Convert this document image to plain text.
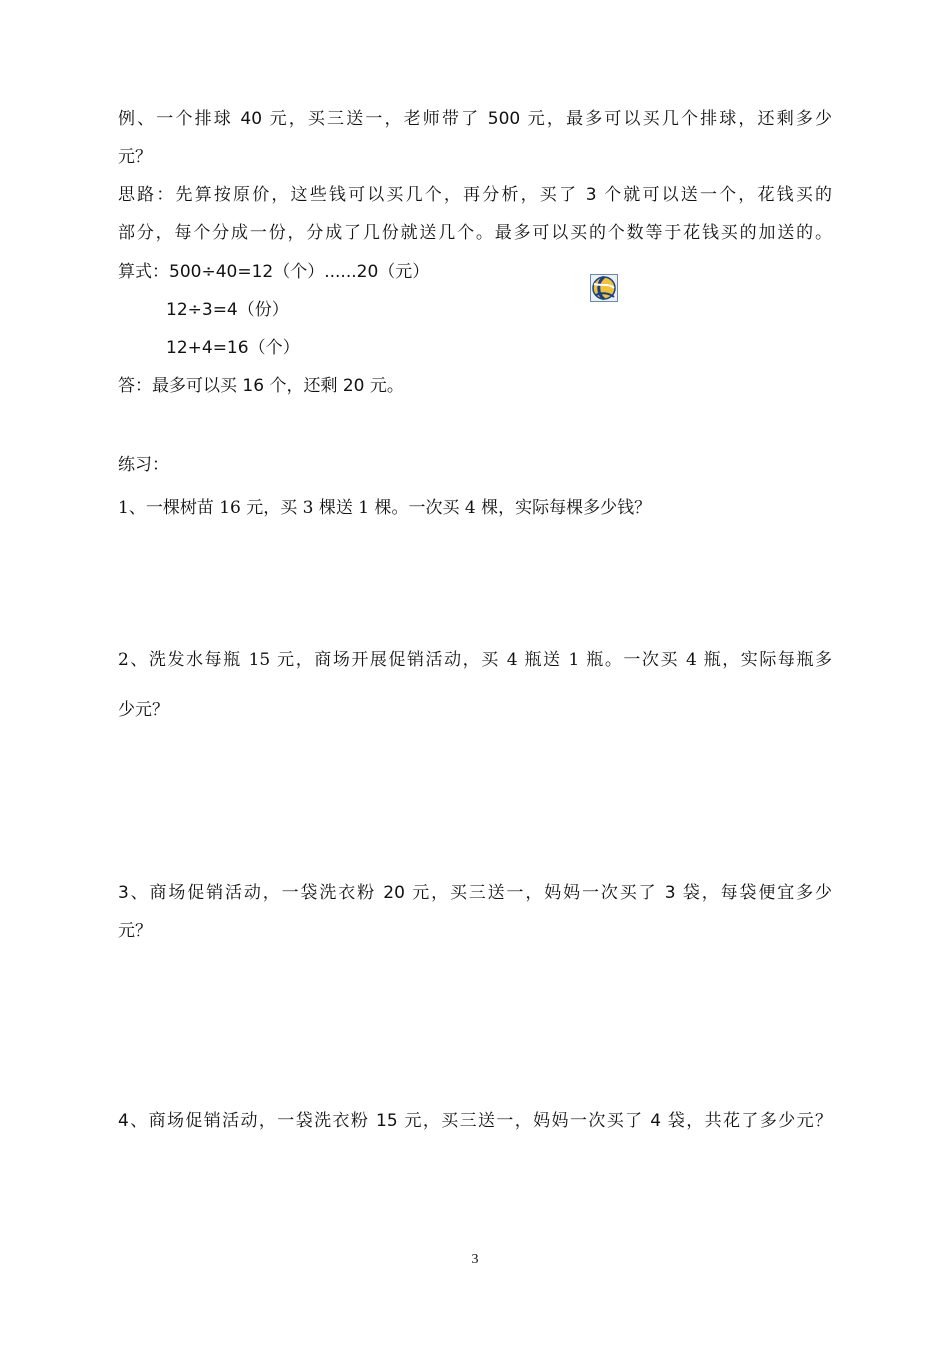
例、一个排球 40 元，买三送一，老师带了 500 元，最多可以买几个排球，还剩多少
元？
思路：先算按原价，这些钱可以买几个，再分析，买了 3 个就可以送一个，花钱买的
部分，每个分成一份，分成了几份就送几个。最多可以买的个数等于花钱买的加送的。
算式：500÷40=12（个）......20（元）
12÷3=4（份）
12+4=16（个）
答：最多可以买 16 个，还剩 20 元。
练习：
1、一棵树苗 16 元，买 3 棵送 1 棵。一次买 4 棵，实际每棵多少钱？
2、洗发水每瓶 15 元，商场开展促销活动，买 4 瓶送 1 瓶。一次买 4 瓶，实际每瓶多
少元？
3、商场促销活动，一袋洗衣粉 20 元，买三送一，妈妈一次买了 3 袋，每袋便宜多少
元？
4、商场促销活动，一袋洗衣粉 15 元，买三送一，妈妈一次买了 4 袋，共花了多少元？
3
